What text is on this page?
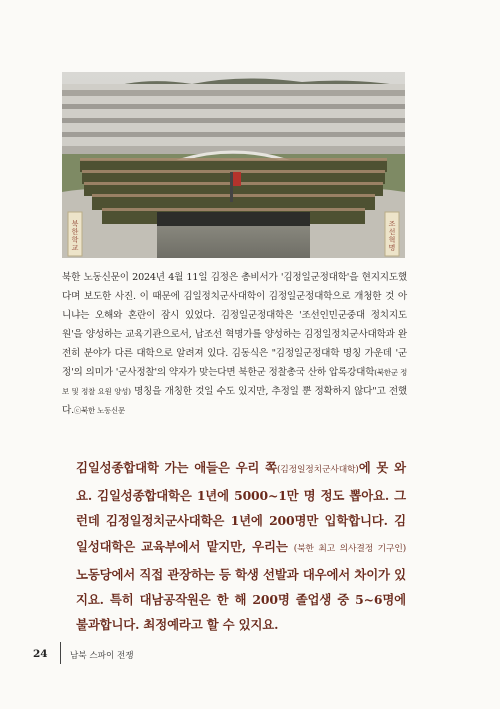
북한학교	조선혁명
북한 노동신문이 2024년 4월 11일 김정은 총비서가 '김정일군정대학'을 현지지도했다며 보도한 사진. 이 때문에 김일정치군사대학이 김정일군정대학으로 개청한 것 아니냐는 오해와 혼란이 잠시 있었다. 김정일군정대학은 '조선인민군중대 정치지도원'을 양성하는 교육기관으로서, 납조선 혁명가를 양성하는 김정일정치군사대학과 완전히 분야가 다른 대학으로 알려져 있다. 김동식은 "김정일군정대학 명칭 가운데 '군정'의 의미가 '군사정찰'의 약자가 맞는다면 북한군 정찰총국 산하 압록강대학(북한군 정보 및 정찰 요원 양성) 명칭을 개칭한 것일 수도 있지만, 추정일 뿐 정확하지 않다"고 전했다.ⓒ북한 노동신문
김일성종합대학 가는 애들은 우리 쪽(김정일정치군사대학)에 못 와요. 김일성종합대학은 1년에 5000~1만 명 정도 뽑아요. 그런데 김정일정치군사대학은 1년에 200명만 입학합니다. 김일성대학은 교육부에서 맡지만, 우리는 (북한 최고 의사결정 기구인) 노동당에서 직접 관장하는 등 학생 선발과 대우에서 차이가 있지요. 특히 대남공작원은 한 해 200명 졸업생 중 5~6명에 불과합니다. 최정예라고 할 수 있지요.
24	남북 스파이 전쟁
